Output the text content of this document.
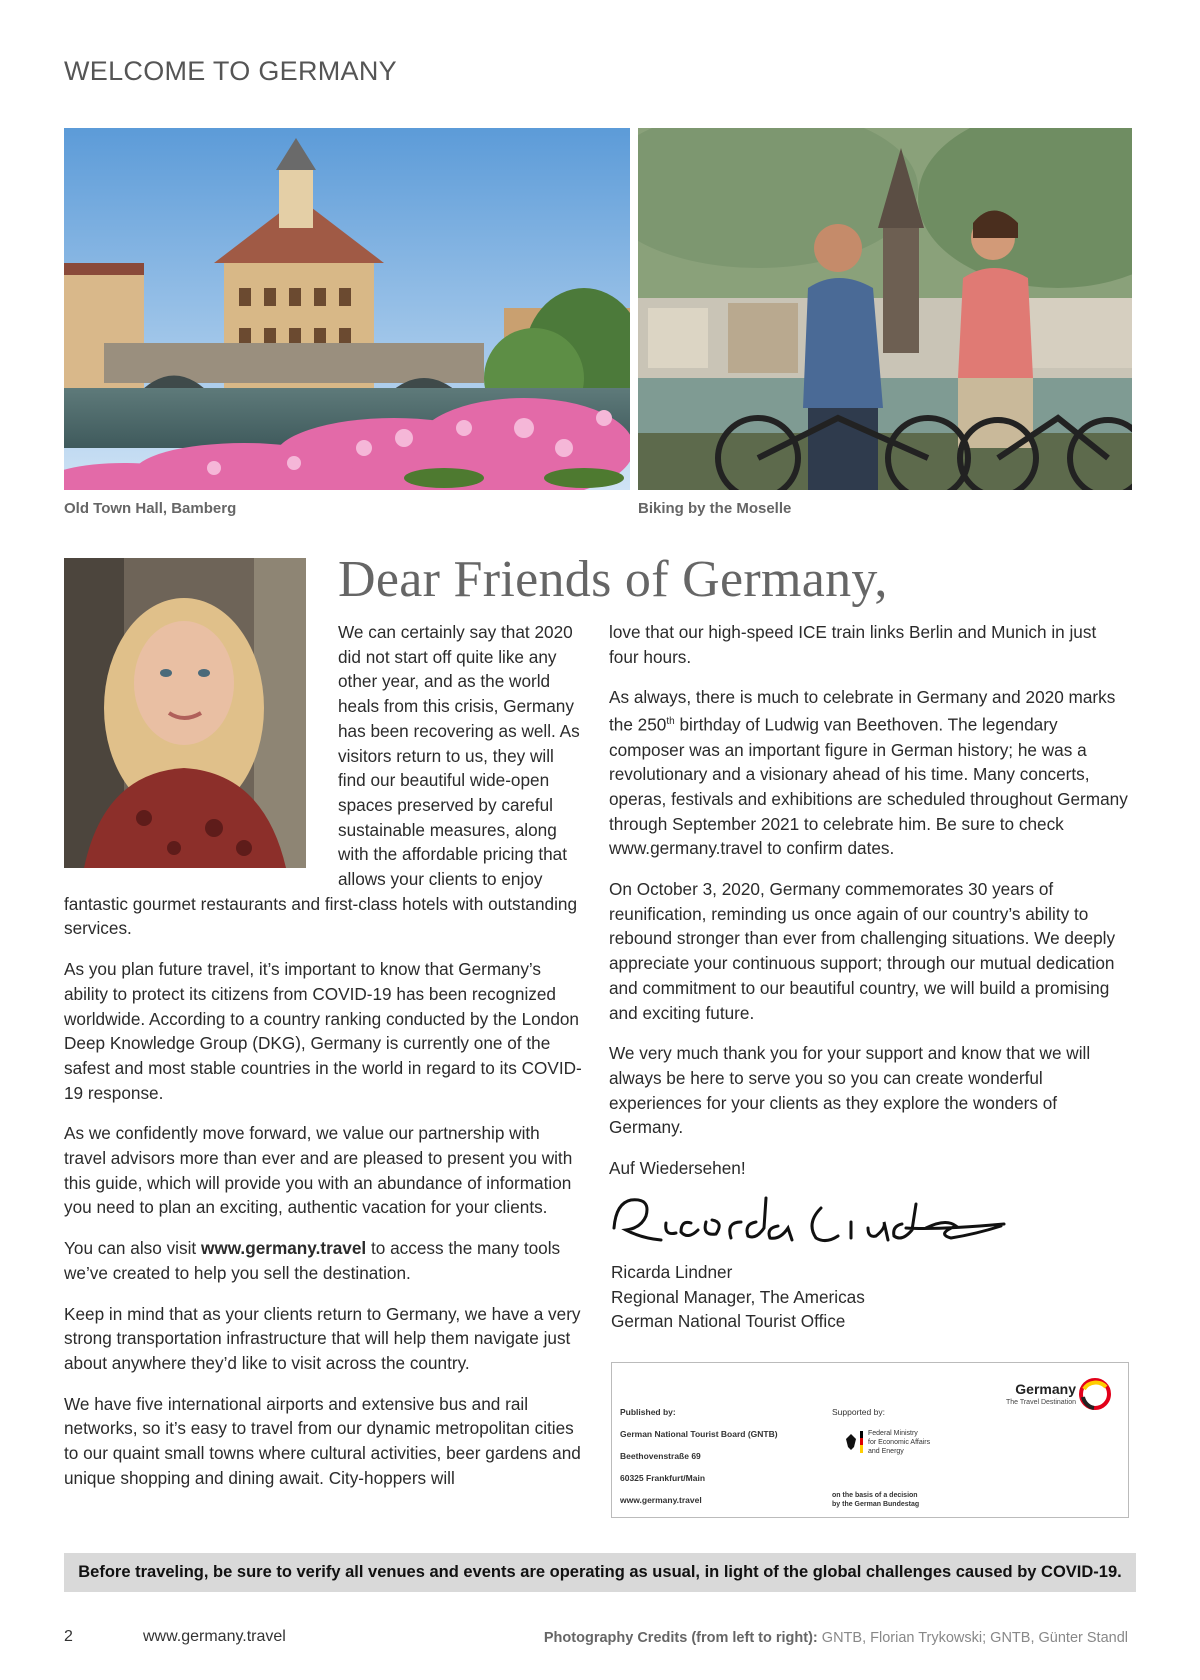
WELCOME TO GERMANY
Old Town Hall, Bamberg	Biking by the Moselle
Dear Friends of Germany,

We can certainly say that 2020 did not start off quite like any other year, and as the world heals from this crisis, Germany has been recovering as well. As visitors return to us, they will find our beautiful wide-open spaces preserved by careful sustainable measures, along with the affordable pricing that allows your clients to enjoy fantastic gourmet restaurants and first-class hotels with outstanding services.

As you plan future travel, it’s important to know that Germany’s ability to protect its citizens from COVID-19 has been recognized worldwide. According to a country ranking conducted by the London Deep Knowledge Group (DKG), Germany is currently one of the safest and most stable countries in the world in regard to its COVID-19 response.

As we confidently move forward, we value our partnership with travel advisors more than ever and are pleased to present you with this guide, which will provide you with an abundance of information you need to plan an exciting, authentic vacation for your clients.

You can also visit www.germany.travel to access the many tools we’ve created to help you sell the destination.

Keep in mind that as your clients return to Germany, we have a very strong transportation infrastructure that will help them navigate just about anywhere they’d like to visit across the country.

We have five international airports and extensive bus and rail networks, so it’s easy to travel from our dynamic metropolitan cities to our quaint small towns where cultural activities, beer gardens and unique shopping and dining await. City-hoppers will

love that our high-speed ICE train links Berlin and Munich in just four hours.

As always, there is much to celebrate in Germany and 2020 marks the 250th birthday of Ludwig van Beethoven. The legendary composer was an important figure in German history; he was a revolutionary and a visionary ahead of his time. Many concerts, operas, festivals and exhibitions are scheduled throughout Germany through September 2021 to celebrate him. Be sure to check www.germany.travel to confirm dates.

On October 3, 2020, Germany commemorates 30 years of reunification, reminding us once again of our country’s ability to rebound stronger than ever from challenging situations. We deeply appreciate your continuous support; through our mutual dedication and commitment to our beautiful country, we will build a promising and exciting future.

We very much thank you for your support and know that we will always be here to serve you so you can create wonderful experiences for your clients as they explore the wonders of Germany.

Auf Wiedersehen!

Ricarda Lindner
Regional Manager, The Americas
German National Tourist Office
Germany
The Travel Destination
Published by:
German National Tourist Board (GNTB)
Beethovenstraße 69
60325 Frankfurt/Main
www.germany.travel
Supported by:
Federal Ministry
for Economic Affairs
and Energy
on the basis of a decision
by the German Bundestag
Before traveling, be sure to verify all venues and events are operating as usual, in light of the global challenges caused by COVID-19.
2	www.germany.travel	Photography Credits (from left to right): GNTB, Florian Trykowski; GNTB, Günter Standl
